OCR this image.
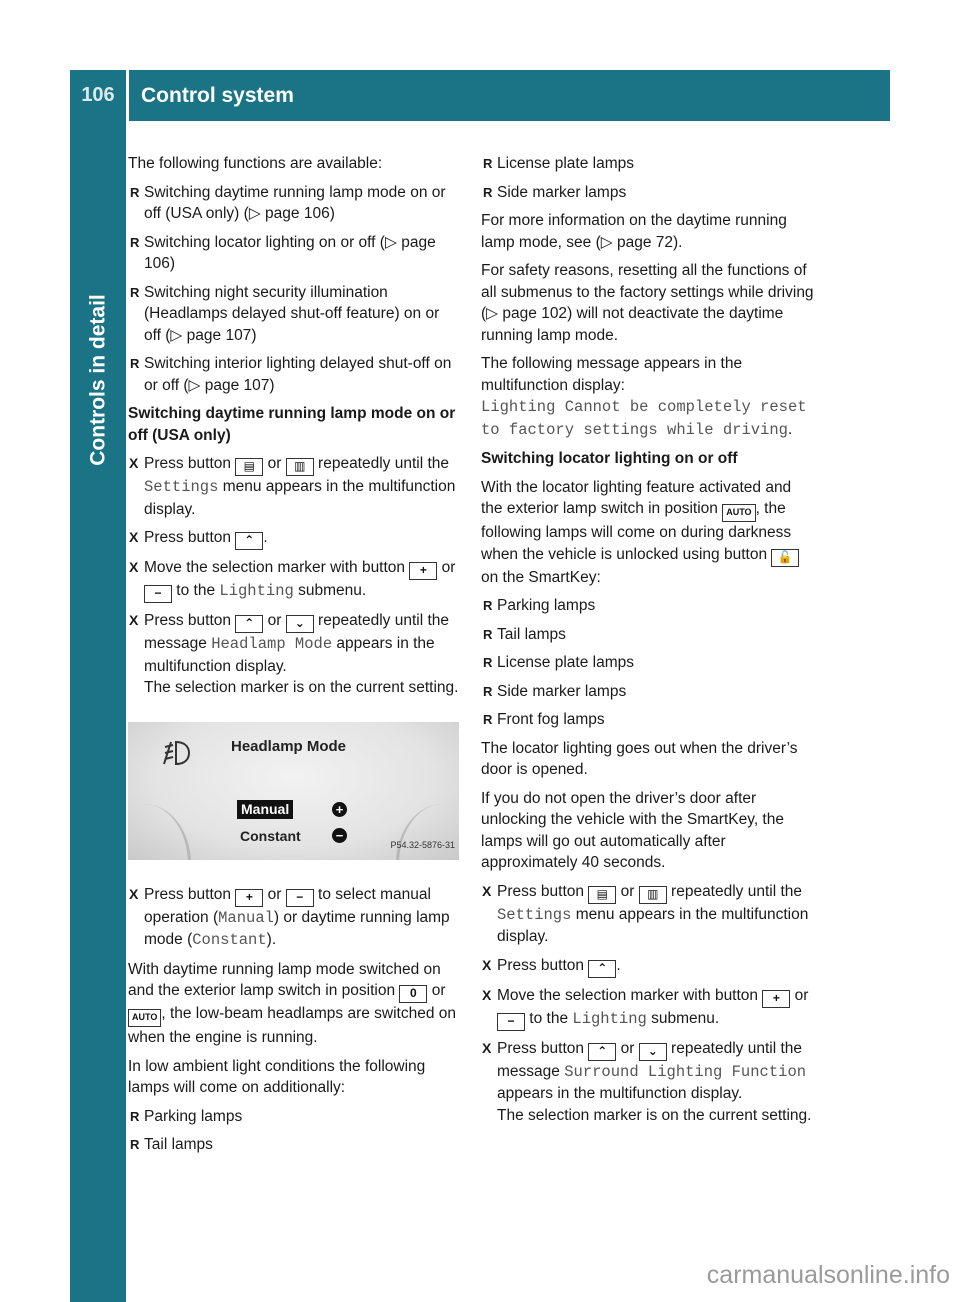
106	Control system
Controls in detail

The following functions are available:

R Switching daytime running lamp mode on or off (USA only) (▷ page 106)
R Switching locator lighting on or off (▷ page 106)
R Switching night security illumination (Headlamps delayed shut-off feature) on or off (▷ page 107)
R Switching interior lighting delayed shut-off on or off (▷ page 107)
Switching daytime running lamp mode on or off (USA only)
X Press button ▤ or ▥ repeatedly until the Settings menu appears in the multifunction display.
X Press button ⌃ .
X Move the selection marker with button + or − to the Lighting submenu.
X Press button ⌃ or ⌄ repeatedly until the message Headlamp Mode appears in the multifunction display.
The selection marker is on the current setting.
Headlamp Mode
Manual	+
Constant	−
P54.32-5876-31
X Press button + or − to select manual operation (Manual) or daytime running lamp mode (Constant).

With daytime running lamp mode switched on and the exterior lamp switch in position 0 or AUTO , the low-beam headlamps are switched on when the engine is running.

In low ambient light conditions the following lamps will come on additionally:

R Parking lamps
R Tail lamps
R License plate lamps
R Side marker lamps

For more information on the daytime running lamp mode, see (▷ page 72).

For safety reasons, resetting all the functions of all submenus to the factory settings while driving (▷ page 102) will not deactivate the daytime running lamp mode.

The following message appears in the multifunction display:
Lighting Cannot be completely reset to factory settings while driving.

Switching locator lighting on or off

With the locator lighting feature activated and the exterior lamp switch in position AUTO , the following lamps will come on during darkness when the vehicle is unlocked using button 🔓 on the SmartKey:

R Parking lamps
R Tail lamps
R License plate lamps
R Side marker lamps
R Front fog lamps

The locator lighting goes out when the driver’s door is opened.

If you do not open the driver’s door after unlocking the vehicle with the SmartKey, the lamps will go out automatically after approximately 40 seconds.

X Press button ▤ or ▥ repeatedly until the Settings menu appears in the multifunction display.
X Press button ⌃ .
X Move the selection marker with button + or − to the Lighting submenu.
X Press button ⌃ or ⌄ repeatedly until the message Surround Lighting Function appears in the multifunction display.
The selection marker is on the current setting.
carmanualsonline.info
